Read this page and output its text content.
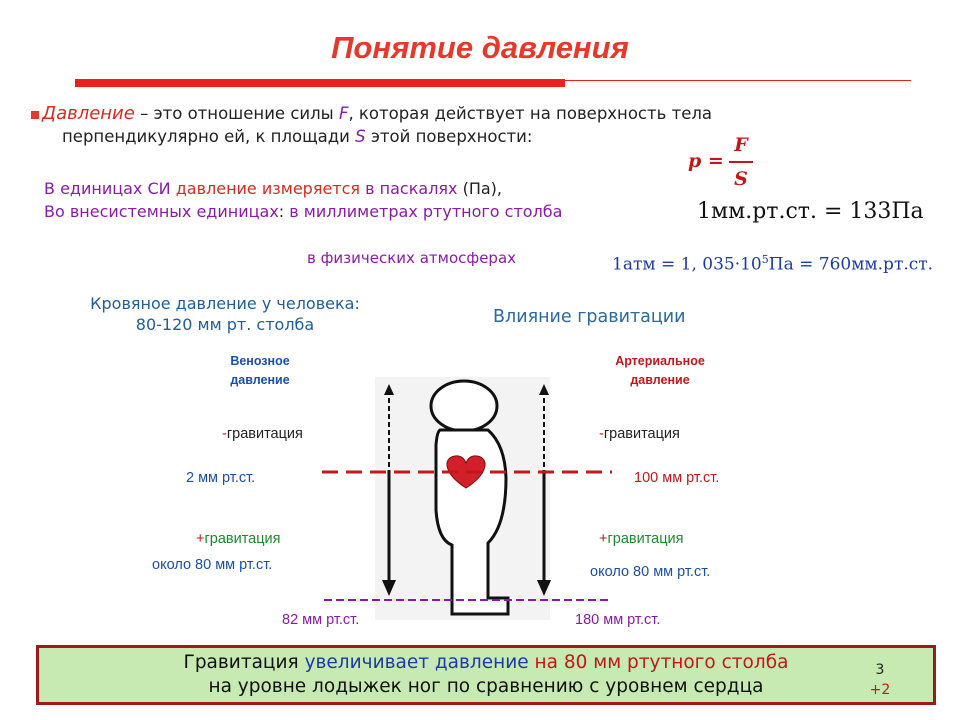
Понятие давления
Давление – это отношение силы F, которая действует на поверхность тела
перпендикулярно ей, к площади S этой поверхности:
p =
F
S
В единицах СИ давление измеряется в паскалях (Па),
Во внесистемных единицах: в миллиметрах ртутного столба	1мм.рт.ст. = 133Па
в физических атмосферах	1атм = 1, $035\cdot 10^5Па = 760мм.рт.ст$.
Кровяное давление у человека:
80-120 мм рт. столба	Влияние гравитации
Венозное
давление
Артериальное
давление
-гравитация
2 мм рт.ст.
+гравитация
около 80 мм рт.ст.
82 мм рт.ст.
-гравитация
100 мм рт.ст.
+гравитация
около 80 мм рт.ст.
180 мм рт.ст.
Гравитация увеличивает давление на 80 мм ртутного столба
на уровне лодыжек ног по сравнению с уровнем сердца
3
+2
